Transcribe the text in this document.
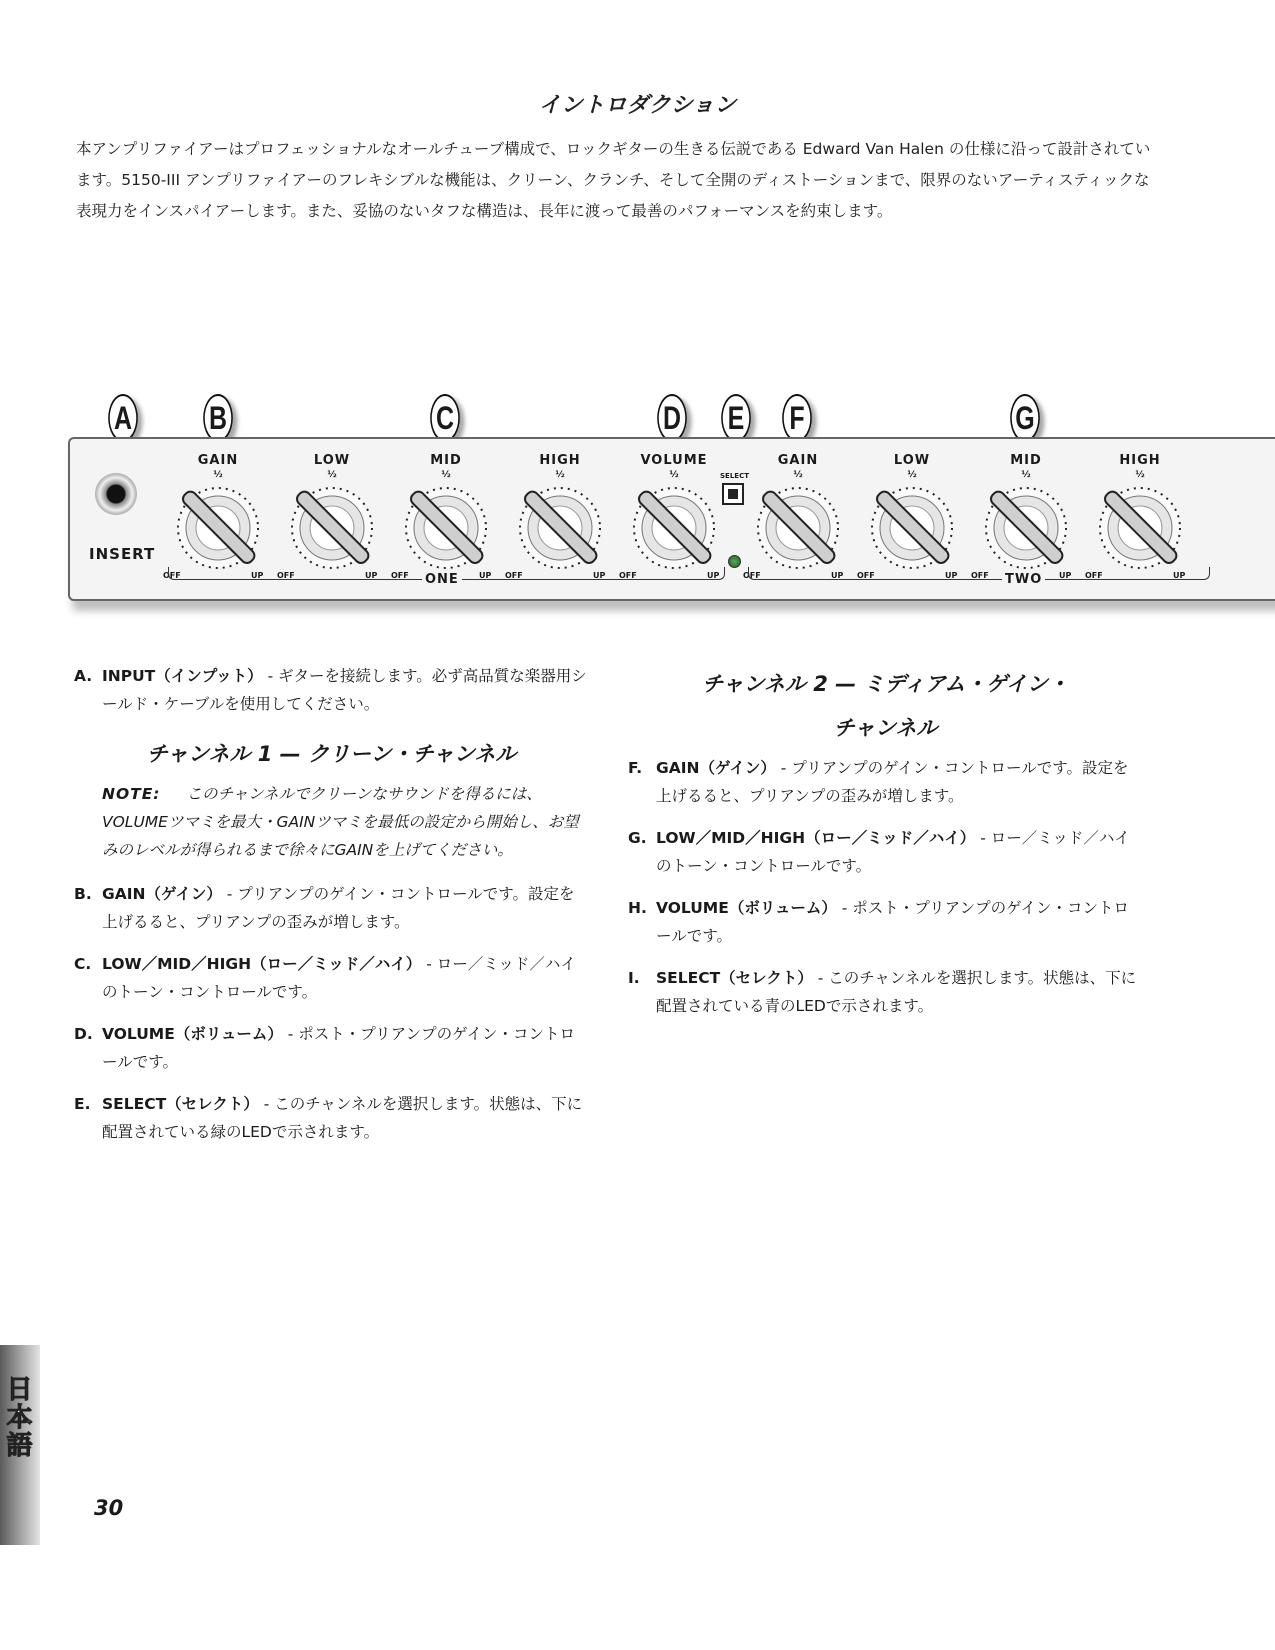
イントロダクション
本アンプリファイアーはプロフェッショナルなオールチューブ構成で、ロックギターの生きる伝説である Edward Van Halen の仕様に沿って設計されてい
ます。5150-III アンプリファイアーのフレキシブルな機能は、クリーン、クランチ、そして全開のディストーションまで、限界のないアーティスティックな
表現力をインスパイアーします。また、妥協のないタフな構造は、長年に渡って最善のパフォーマンスを約束します。
A B	C	D E F	G
INSERT
GAIN
½
OFF	UP
LOW
½
OFF	UP
MID
½
OFF	UP
HIGH
½
OFF	UP
VOLUME
½
OFF	UP
SELECT
GAIN
½
OFF	UP
LOW
½
OFF	UP
MID
½
OFF	UP
HIGH
½
OFF	UP
ONE	TWO
A. INPUT（インプット） - ギターを接続します。必ず高品質な楽器用シールド・ケーブルを使用してください。
チャンネル 1 — クリーン・チャンネル
NOTE: このチャンネルでクリーンなサウンドを得るには、VOLUMEツマミを最大・GAINツマミを最低の設定から開始し、お望みのレベルが得られるまで徐々にGAINを上げてください。
B. GAIN（ゲイン） - プリアンプのゲイン・コントロールです。設定を上げるると、プリアンプの歪みが増します。
C. LOW／MID／HIGH（ロー／ミッド／ハイ） - ロー／ミッド／ハイのトーン・コントロールです。
D. VOLUME（ボリューム） - ポスト・プリアンプのゲイン・コントロールです。
E. SELECT（セレクト） - このチャンネルを選択します。状態は、下に配置されている緑のLEDで示されます。
チャンネル 2 — ミディアム・ゲイン・
チャンネル
F. GAIN（ゲイン） - プリアンプのゲイン・コントロールです。設定を上げるると、プリアンプの歪みが増します。
G. LOW／MID／HIGH（ロー／ミッド／ハイ） - ロー／ミッド／ハイのトーン・コントロールです。
H. VOLUME（ボリューム） - ポスト・プリアンプのゲイン・コントロールです。
I. SELECT（セレクト） - このチャンネルを選択します。状態は、下に配置されている青のLEDで示されます。
日本語
30
